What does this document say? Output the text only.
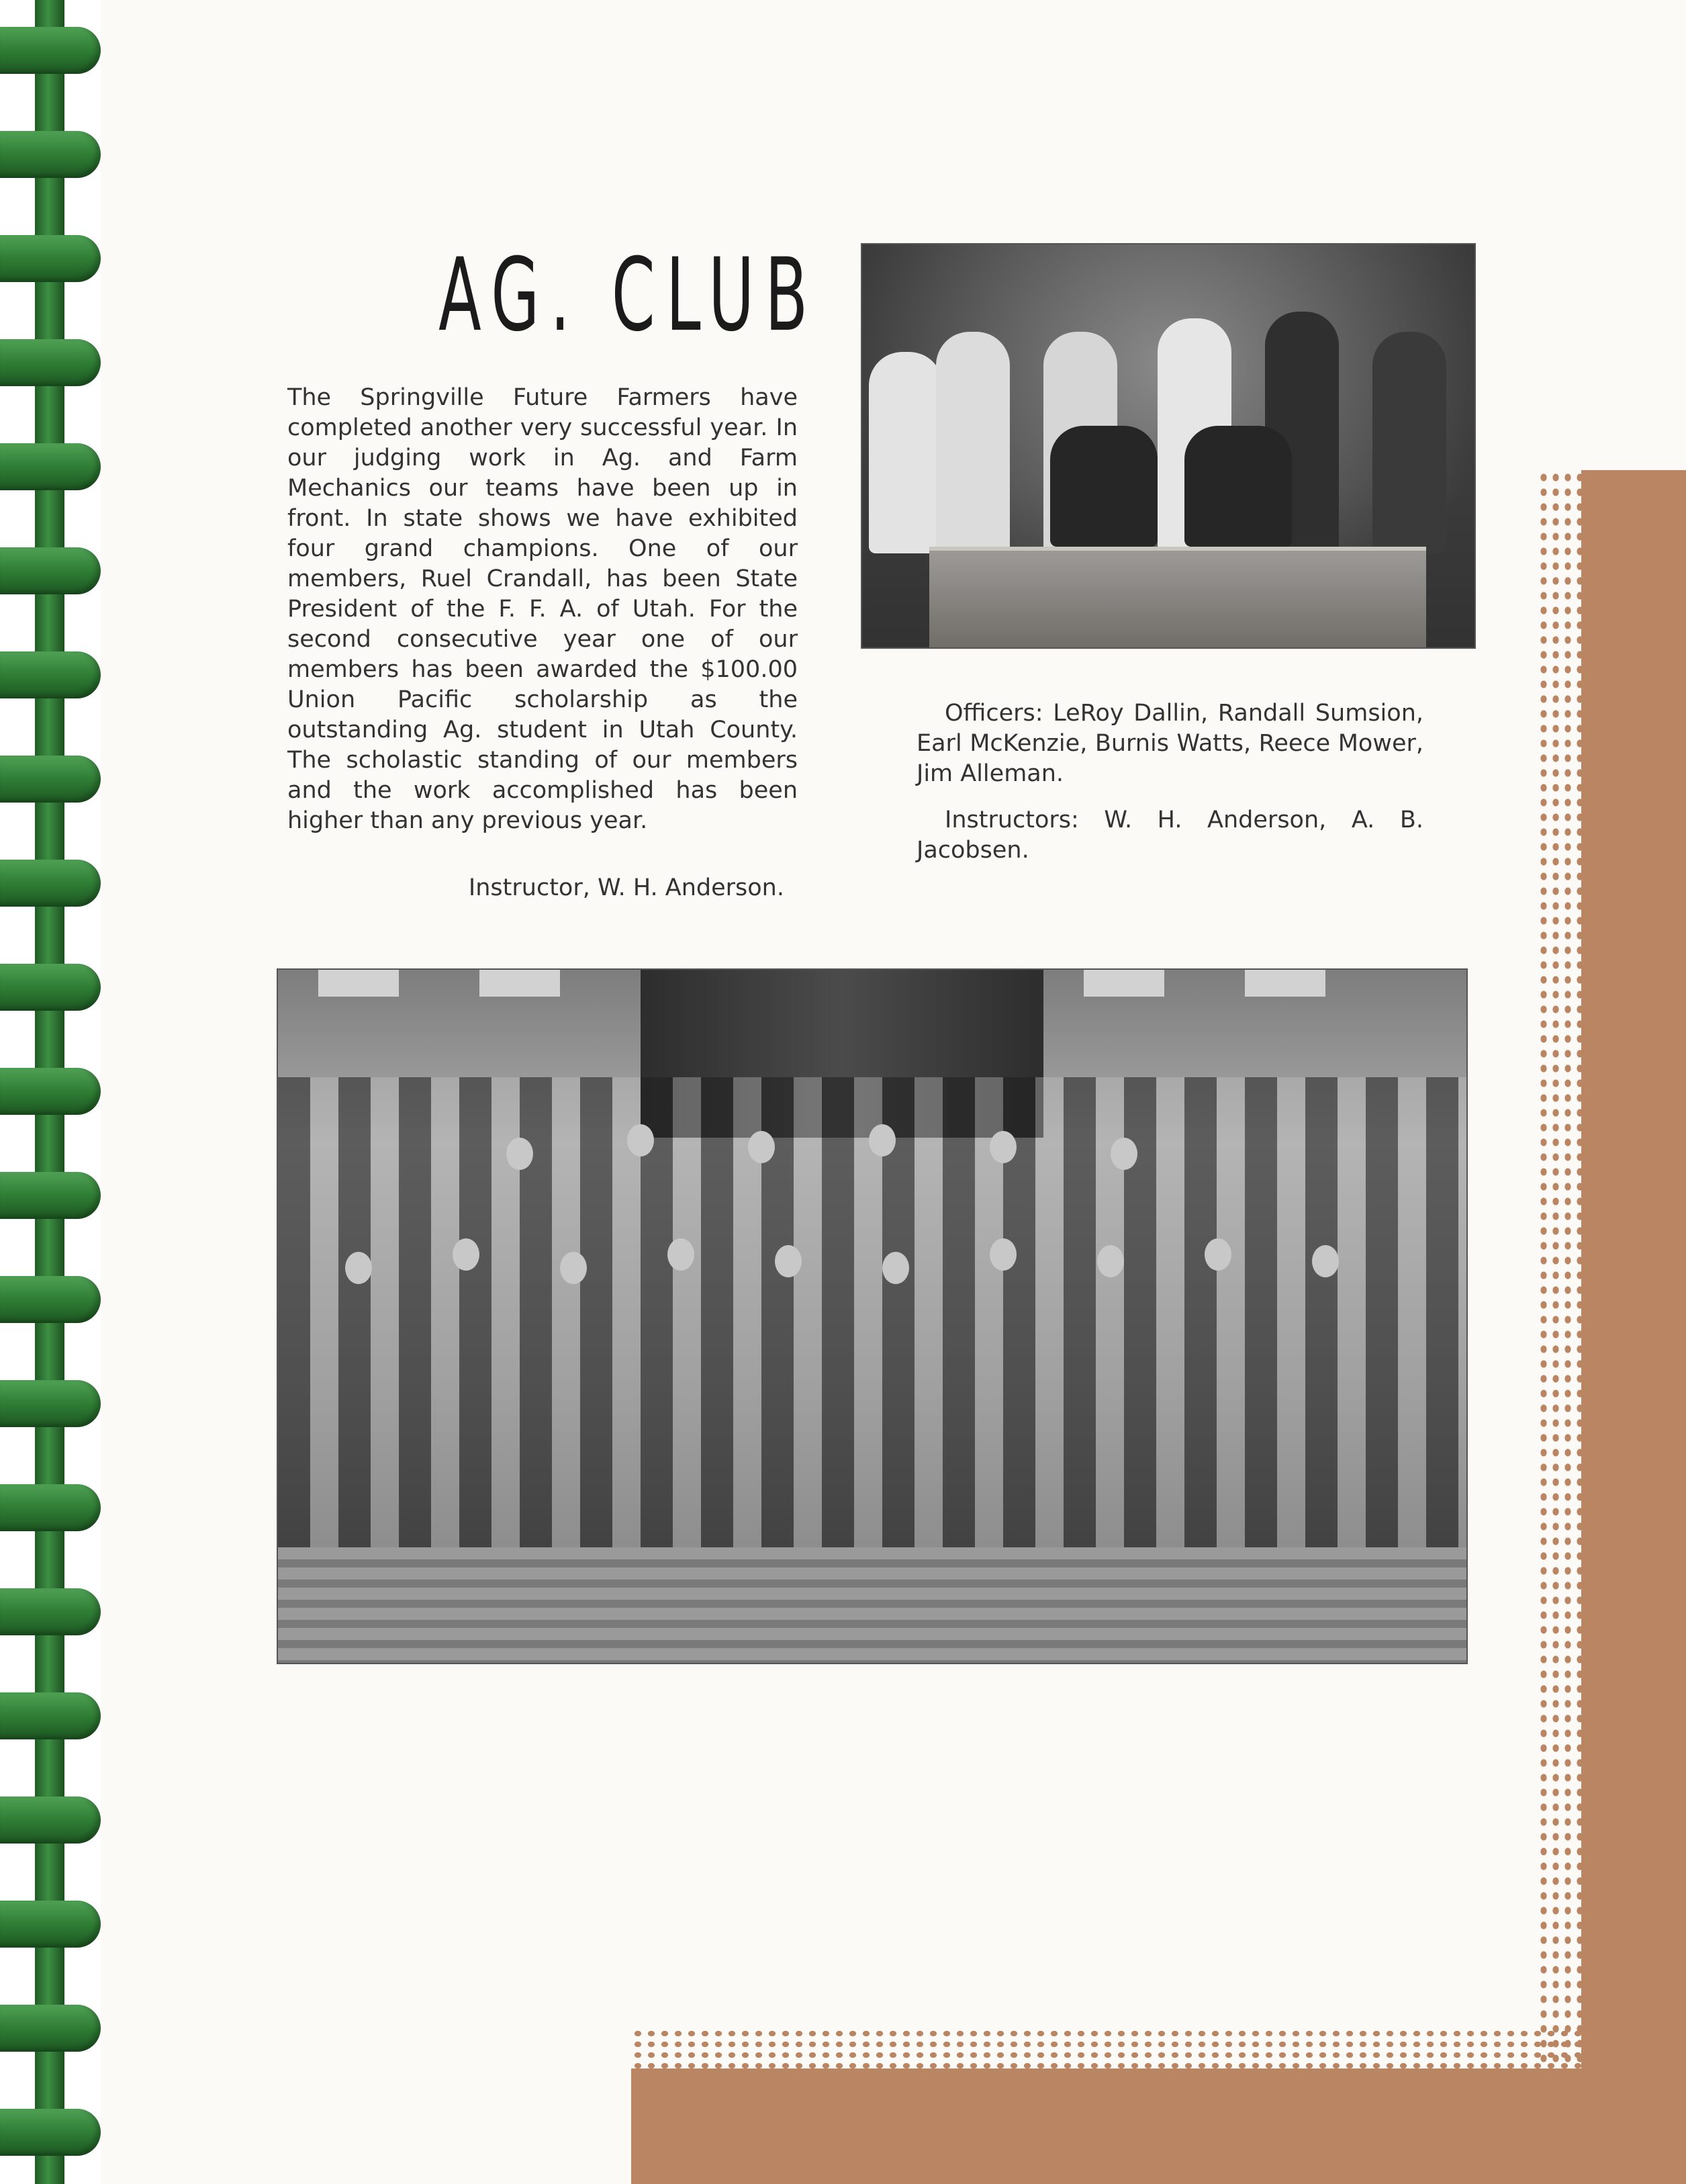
AG. CLUB

The Springville Future Farmers have completed another very successful year. In our judging work in Ag. and Farm Mechanics our teams have been up in front. In state shows we have exhibited four grand champions. One of our members, Ruel Crandall, has been State President of the F. F. A. of Utah. For the second consecutive year one of our members has been awarded the $100.00 Union Pacific scholarship as the outstanding Ag. student in Utah County. The scholastic standing of our members and the work accomplished has been higher than any previous year.

Instructor, W. H. Anderson.

Officers: LeRoy Dallin, Randall Sumsion, Earl McKenzie, Burnis Watts, Reece Mower, Jim Alleman.

Instructors: W. H. Anderson, A. B. Jacobsen.
